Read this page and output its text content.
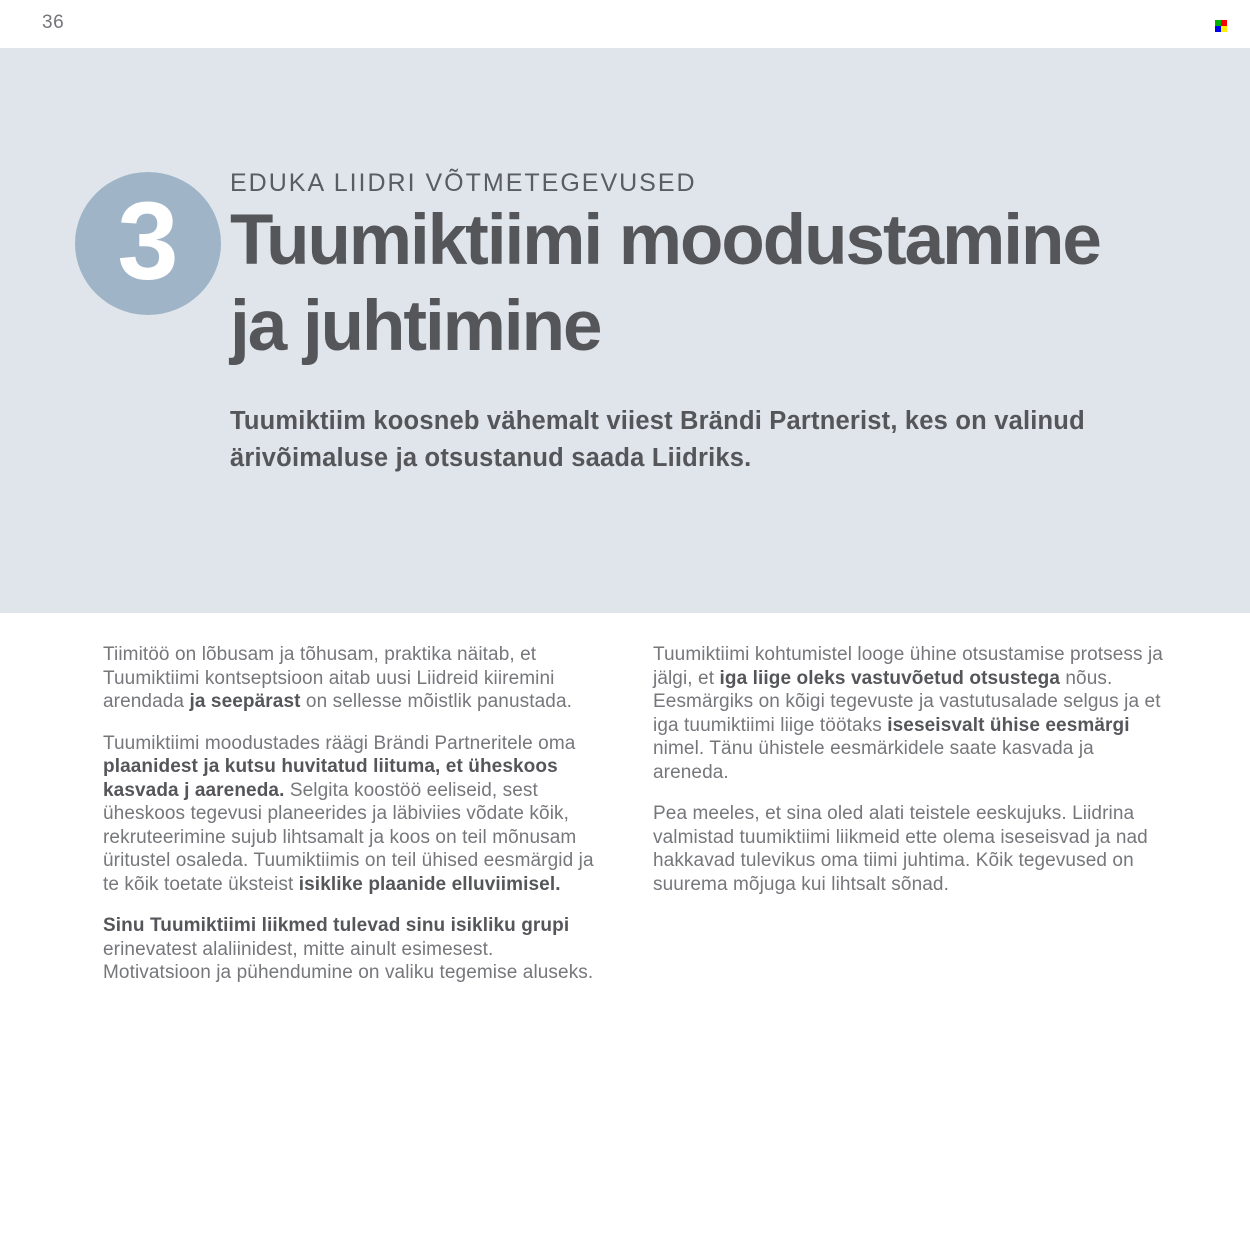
36
3 EDUKA LIIDRI VÕTMETEGEVUSED
Tuumiktiimi moodustamine
ja juhtimine

Tuumiktiim koosneb vähemalt viiest Brändi Partnerist, kes on valinud ärivõimaluse ja otsustanud saada Liidriks.

Tiimitöö on lõbusam ja tõhusam, praktika näitab, et Tuumiktiimi kontseptsioon aitab uusi Liidreid kiiremini arendada ja seepärast on sellesse mõistlik panustada.

Tuumiktiimi moodustades räägi Brändi Partneritele oma plaanidest ja kutsu huvitatud liituma, et üheskoos kasvada j aareneda. Selgita koostöö eeliseid, sest üheskoos tegevusi planeerides ja läbiviies võdate kõik, rekruteerimine sujub lihtsamalt ja koos on teil mõnusam üritustel osaleda. Tuumiktiimis on teil ühised eesmärgid ja te kõik toetate üksteist isiklike plaanide elluviimisel.

Sinu Tuumiktiimi liikmed tulevad sinu isikliku grupi erinevatest alaliinidest, mitte ainult esimesest. Motivatsioon ja pühendumine on valiku tegemise aluseks.

Tuumiktiimi kohtumistel looge ühine otsustamise protsess ja jälgi, et iga liige oleks vastuvõetud otsustega nõus. Eesmärgiks on kõigi tegevuste ja vastutusalade selgus ja et iga tuumiktiimi liige töötaks iseseisvalt ühise eesmärgi nimel. Tänu ühistele eesmärkidele saate kasvada ja areneda.

Pea meeles, et sina oled alati teistele eeskujuks. Liidrina valmistad tuumiktiimi liikmeid ette olema iseseisvad ja nad hakkavad tulevikus oma tiimi juhtima. Kõik tegevused on suurema mõjuga kui lihtsalt sõnad.
